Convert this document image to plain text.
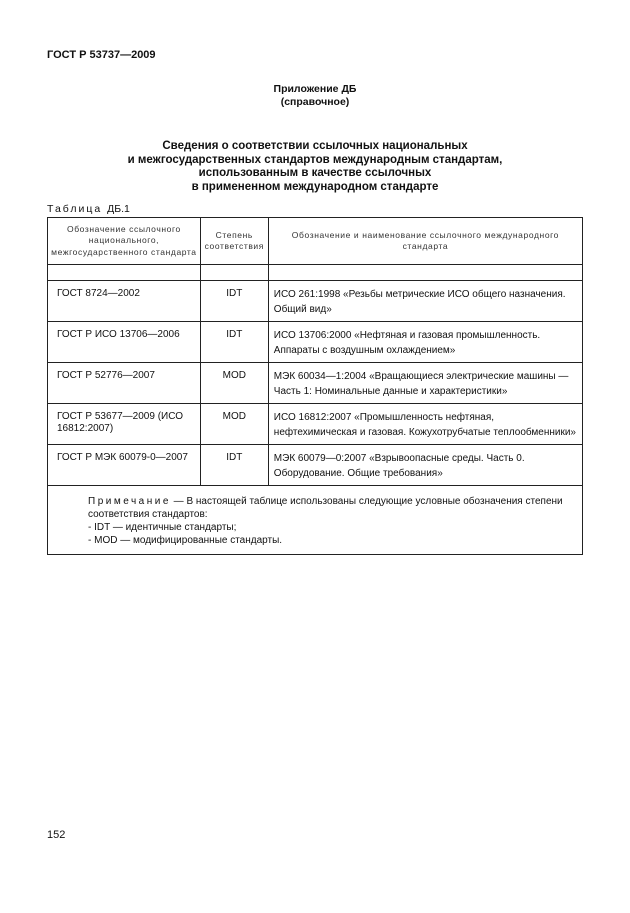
ГОСТ Р 53737—2009
Приложение ДБ
(справочное)
Сведения о соответствии ссылочных национальных
и межгосударственных стандартов международным стандартам,
использованным в качестве ссылочных
в примененном международном стандарте
Таблица ДБ.1
Обозначение ссылочного национального, межгосударственного стандарта	Степень соответствия	Обозначение и наименование ссылочного международного стандарта

ГОСТ 8724—2002	IDT	ИСО 261:1998 «Резьбы метрические ИСО общего назначения. Общий вид»
ГОСТ Р ИСО 13706—2006	IDT	ИСО 13706:2000 «Нефтяная и газовая промышленность. Аппараты с воздушным охлаждением»
ГОСТ Р 52776—2007	MOD	МЭК 60034—1:2004 «Вращающиеся электрические машины — Часть 1: Номинальные данные и характеристики»
ГОСТ Р 53677—2009 (ИСО 16812:2007)	MOD	ИСО 16812:2007 «Промышленность нефтяная, нефтехимическая и газовая. Кожухотрубчатые теплообменники»
ГОСТ Р МЭК 60079-0—2007	IDT	МЭК 60079—0:2007 «Взрывоопасные среды. Часть 0. Оборудование. Общие требования»

Примечание — В настоящей таблице использованы следующие условные обозначения степени соответствия стандартов:
- IDT — идентичные стандарты;
- MOD — модифицированные стандарты.		
152
